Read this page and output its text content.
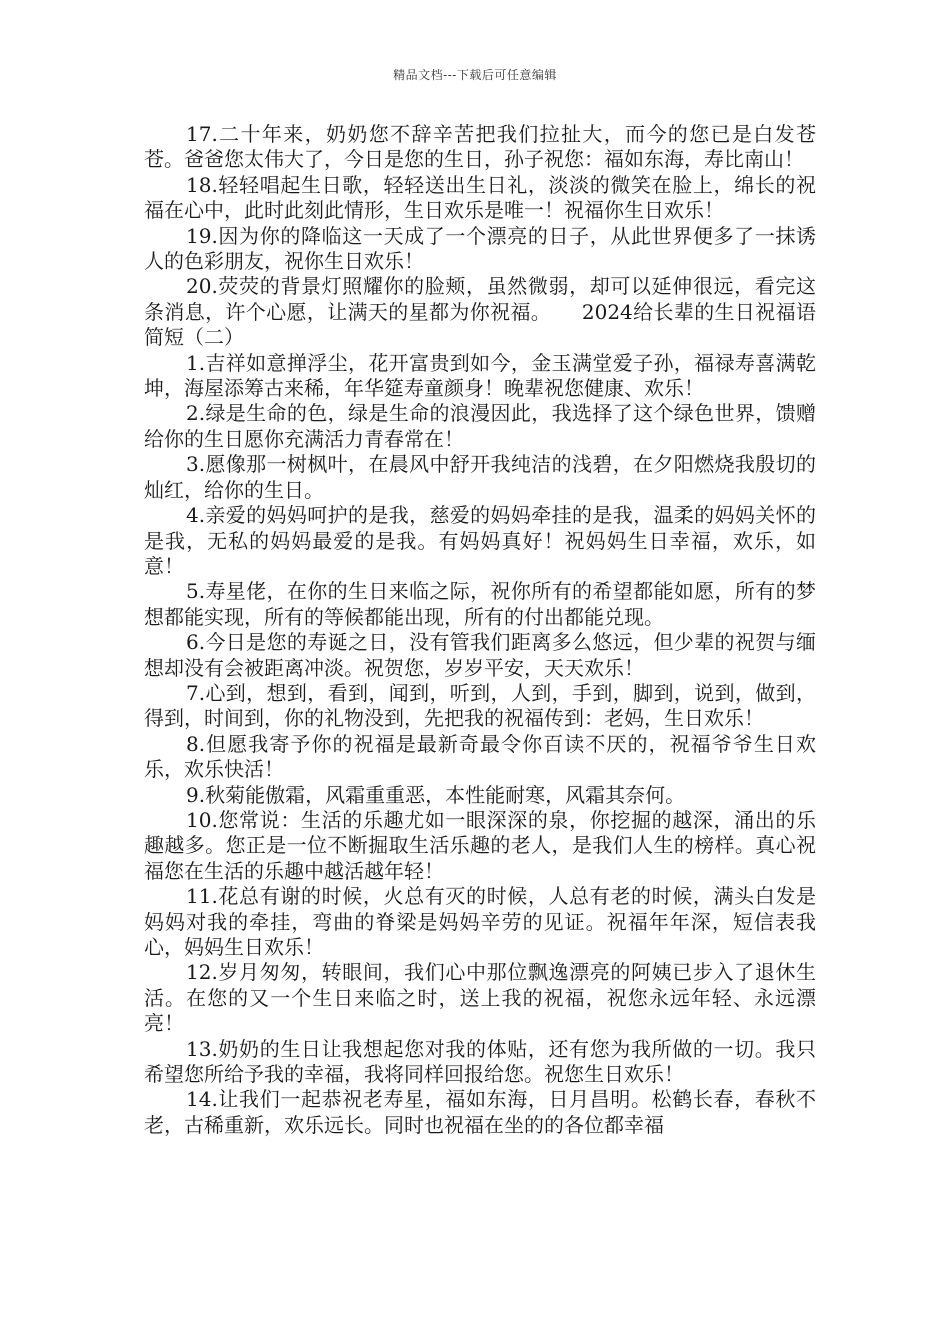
精品文档---下载后可任意编辑

17.二十年来，奶奶您不辞辛苦把我们拉扯大，而今的您已是白发苍苍。爸爸您太伟大了，今日是您的生日，孙子祝您：福如东海，寿比南山！

18.轻轻唱起生日歌，轻轻送出生日礼，淡淡的微笑在脸上，绵长的祝福在心中，此时此刻此情形，生日欢乐是唯一！祝福你生日欢乐！

19.因为你的降临这一天成了一个漂亮的日子，从此世界便多了一抹诱人的色彩朋友，祝你生日欢乐！

20.荧荧的背景灯照耀你的脸颊，虽然微弱，却可以延伸很远，看完这条消息，许个心愿，让满天的星都为你祝福。　　2024给长辈的生日祝福语简短（二）

1.吉祥如意掸浮尘，花开富贵到如今，金玉满堂爱子孙，福禄寿喜满乾坤，海屋添筹古来稀，年华筵寿童颜身！晚辈祝您健康、欢乐！

2.绿是生命的色，绿是生命的浪漫因此，我选择了这个绿色世界，馈赠给你的生日愿你充满活力青春常在！

3.愿像那一树枫叶，在晨风中舒开我纯洁的浅碧，在夕阳燃烧我殷切的灿红，给你的生日。

4.亲爱的妈妈呵护的是我，慈爱的妈妈牵挂的是我，温柔的妈妈关怀的是我，无私的妈妈最爱的是我。有妈妈真好！祝妈妈生日幸福，欢乐，如意！

5.寿星佬，在你的生日来临之际，祝你所有的希望都能如愿，所有的梦想都能实现，所有的等候都能出现，所有的付出都能兑现。

6.今日是您的寿诞之日，没有管我们距离多么悠远，但少辈的祝贺与缅想却没有会被距离冲淡。祝贺您，岁岁平安，天天欢乐！

7.心到，想到，看到，闻到，听到，人到，手到，脚到，说到，做到，得到，时间到，你的礼物没到，先把我的祝福传到：老妈，生日欢乐！

8.但愿我寄予你的祝福是最新奇最令你百读不厌的，祝福爷爷生日欢乐，欢乐快活！

9.秋菊能傲霜，风霜重重恶，本性能耐寒，风霜其奈何。

10.您常说：生活的乐趣尤如一眼深深的泉，你挖掘的越深，涌出的乐趣越多。您正是一位不断掘取生活乐趣的老人，是我们人生的榜样。真心祝福您在生活的乐趣中越活越年轻！

11.花总有谢的时候，火总有灭的时候，人总有老的时候，满头白发是妈妈对我的牵挂，弯曲的脊梁是妈妈辛劳的见证。祝福年年深，短信表我心，妈妈生日欢乐！

12.岁月匆匆，转眼间，我们心中那位飘逸漂亮的阿姨已步入了退休生活。在您的又一个生日来临之时，送上我的祝福，祝您永远年轻、永远漂亮！

13.奶奶的生日让我想起您对我的体贴，还有您为我所做的一切。我只希望您所给予我的幸福，我将同样回报给您。祝您生日欢乐！

14.让我们一起恭祝老寿星，福如东海，日月昌明。松鹤长春，春秋不老，古稀重新，欢乐远长。同时也祝福在坐的的各位都幸福
